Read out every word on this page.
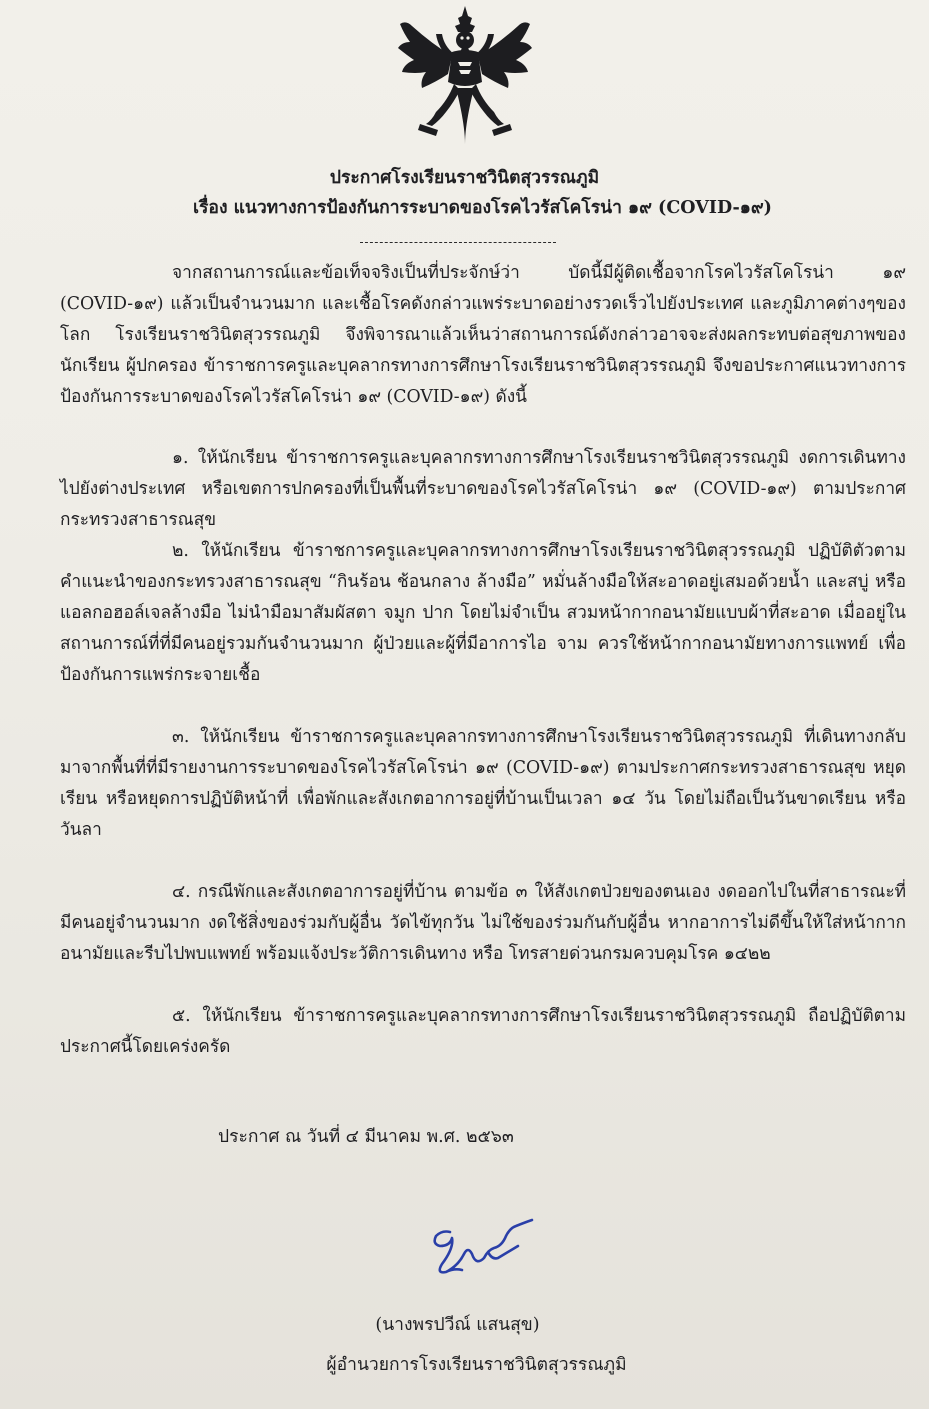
ประกาศโรงเรียนราชวินิตสุวรรณภูมิ
เรื่อง แนวทางการป้องกันการระบาดของโรคไวรัสโคโรน่า ๑๙ (COVID-๑๙)

จากสถานการณ์และข้อเท็จจริงเป็นที่ประจักษ์ว่า บัดนี้มีผู้ติดเชื้อจากโรคไวรัสโคโรน่า ๑๙ (COVID-๑๙) แล้วเป็นจำนวนมาก และเชื้อโรคดังกล่าวแพร่ระบาดอย่างรวดเร็วไปยังประเทศ และภูมิภาคต่างๆของโลก โรงเรียนราชวินิตสุวรรณภูมิ จึงพิจารณาแล้วเห็นว่าสถานการณ์ดังกล่าวอาจจะส่งผลกระทบต่อสุขภาพของนักเรียน ผู้ปกครอง ข้าราชการครูและบุคลากรทางการศึกษาโรงเรียนราชวินิตสุวรรณภูมิ จึงขอประกาศแนวทางการป้องกันการระบาดของโรคไวรัสโคโรน่า ๑๙ (COVID-๑๙) ดังนี้

๑. ให้นักเรียน ข้าราชการครูและบุคลากรทางการศึกษาโรงเรียนราชวินิตสุวรรณภูมิ งดการเดินทางไปยังต่างประเทศ หรือเขตการปกครองที่เป็นพื้นที่ระบาดของโรคไวรัสโคโรน่า ๑๙ (COVID-๑๙) ตามประกาศกระทรวงสาธารณสุข

๒. ให้นักเรียน ข้าราชการครูและบุคลากรทางการศึกษาโรงเรียนราชวินิตสุวรรณภูมิ ปฏิบัติตัวตามคำแนะนำของกระทรวงสาธารณสุข “กินร้อน ช้อนกลาง ล้างมือ” หมั่นล้างมือให้สะอาดอยู่เสมอด้วยน้ำ และสบู่ หรือแอลกอฮอล์เจลล้างมือ ไม่นำมือมาสัมผัสตา จมูก ปาก โดยไม่จำเป็น สวมหน้ากากอนามัยแบบผ้าที่สะอาด เมื่ออยู่ในสถานการณ์ที่ที่มีคนอยู่รวมกันจำนวนมาก ผู้ป่วยและผู้ที่มีอาการไอ จาม ควรใช้หน้ากากอนามัยทางการแพทย์ เพื่อป้องกันการแพร่กระจายเชื้อ

๓. ให้นักเรียน ข้าราชการครูและบุคลากรทางการศึกษาโรงเรียนราชวินิตสุวรรณภูมิ ที่เดินทางกลับมาจากพื้นที่ที่มีรายงานการระบาดของโรคไวรัสโคโรน่า ๑๙ (COVID-๑๙) ตามประกาศกระทรวงสาธารณสุข หยุดเรียน หรือหยุดการปฏิบัติหน้าที่ เพื่อพักและสังเกตอาการอยู่ที่บ้านเป็นเวลา ๑๔ วัน โดยไม่ถือเป็นวันขาดเรียน หรือวันลา

๔. กรณีพักและสังเกตอาการอยู่ที่บ้าน ตามข้อ ๓ ให้สังเกตป่วยของตนเอง งดออกไปในที่สาธารณะที่มีคนอยู่จำนวนมาก งดใช้สิ่งของร่วมกับผู้อื่น วัดไข้ทุกวัน ไม่ใช้ของร่วมกันกับผู้อื่น หากอาการไม่ดีขึ้นให้ใส่หน้ากากอนามัยและรีบไปพบแพทย์ พร้อมแจ้งประวัติการเดินทาง หรือ โทรสายด่วนกรมควบคุมโรค ๑๔๒๒

๕. ให้นักเรียน ข้าราชการครูและบุคลากรทางการศึกษาโรงเรียนราชวินิตสุวรรณภูมิ ถือปฏิบัติตามประกาศนี้โดยเคร่งครัด

ประกาศ ณ วันที่ ๔ มีนาคม พ.ศ. ๒๕๖๓
(นางพรปวีณ์ แสนสุข)
ผู้อำนวยการโรงเรียนราชวินิตสุวรรณภูมิ
